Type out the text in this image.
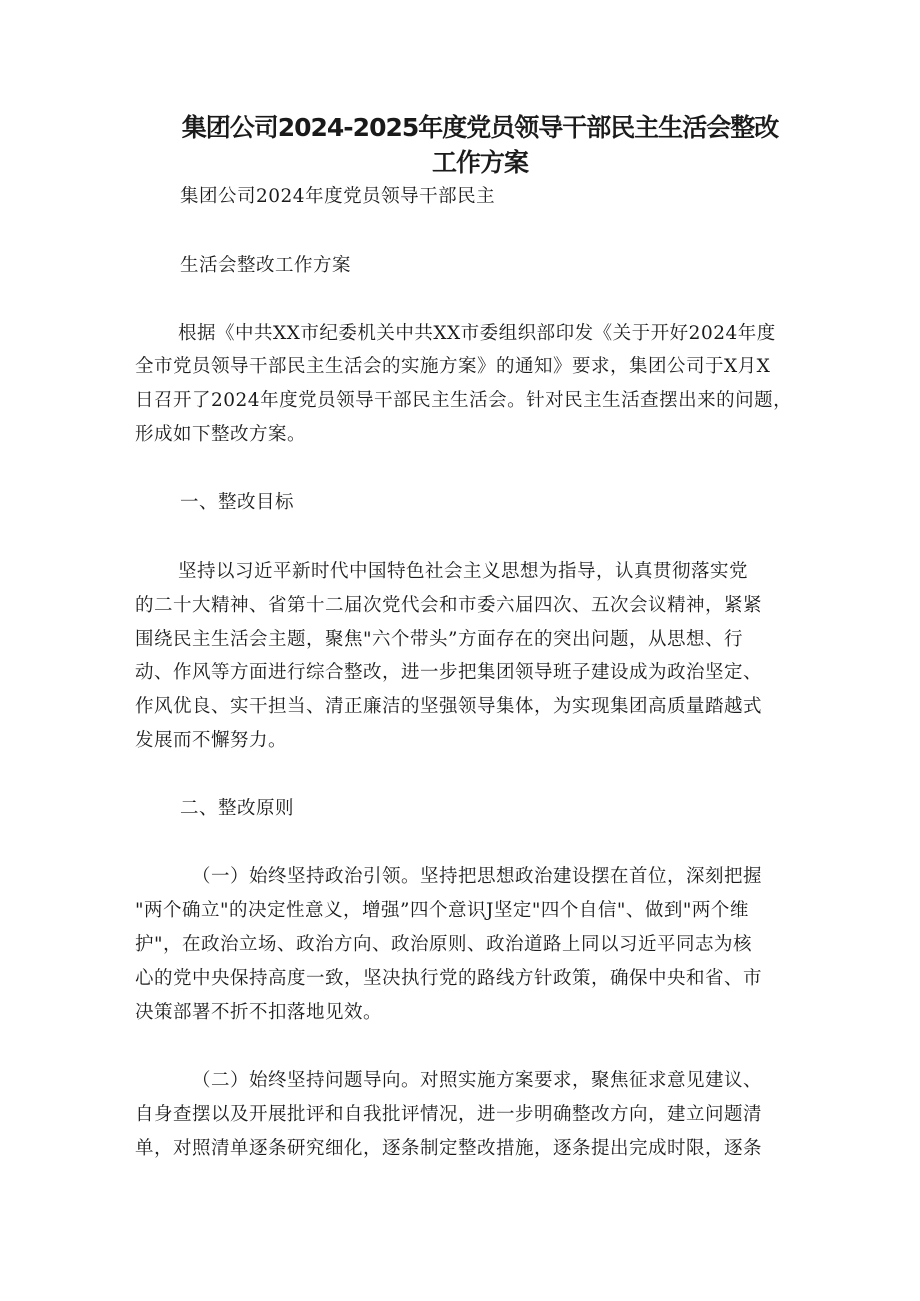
集团公司2024-2025年度党员领导干部民主生活会整改
工作方案
集团公司2024年度党员领导干部民主
生活会整改工作方案
根据《中共XX市纪委机关中共XX市委组织部印发《关于开好2024年度
全市党员领导干部民主生活会的实施方案》的通知》要求，集团公司于X月X
日召开了2024年度党员领导干部民主生活会。针对民主生活查摆出来的问题，
形成如下整改方案。
一、整改目标
坚持以习近平新时代中国特色社会主义思想为指导，认真贯彻落实党
的二十大精神、省第十二届次党代会和市委六届四次、五次会议精神，紧紧
围绕民主生活会主题，聚焦"六个带头”方面存在的突出问题，从思想、行
动、作风等方面进行综合整改，进一步把集团领导班子建设成为政治坚定、
作风优良、实干担当、清正廉洁的坚强领导集体，为实现集团高质量踏越式
发展而不懈努力。
二、整改原则
（一）始终坚持政治引领。坚持把思想政治建设摆在首位，深刻把握
"两个确立"的决定性意义，增强”四个意识J坚定"四个自信"、做到"两个维
护"，在政治立场、政治方向、政治原则、政治道路上同以习近平同志为核
心的党中央保持高度一致，坚决执行党的路线方针政策，确保中央和省、市
决策部署不折不扣落地见效。
（二）始终坚持问题导向。对照实施方案要求，聚焦征求意见建议、
自身查摆以及开展批评和自我批评情况，进一步明确整改方向，建立问题清
单，对照清单逐条研究细化，逐条制定整改措施，逐条提出完成时限，逐条
